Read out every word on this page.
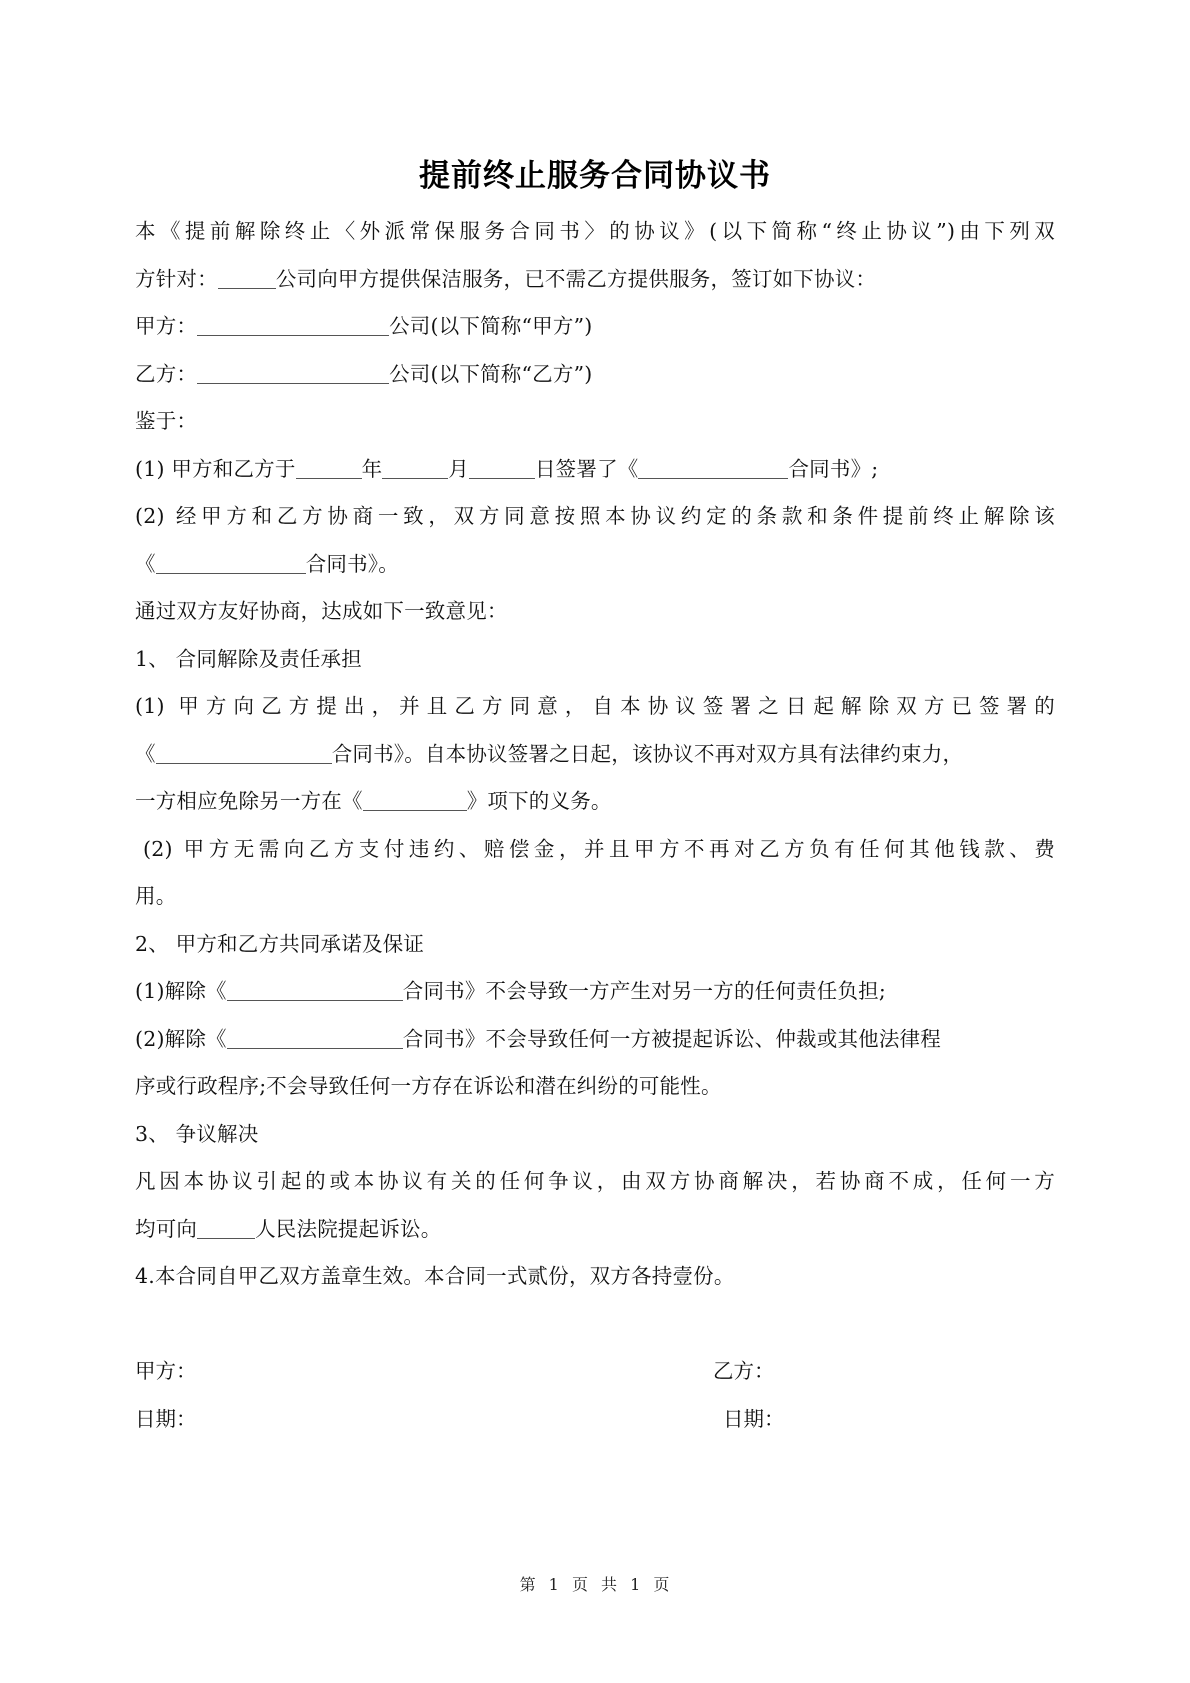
提前终止服务合同协议书
本《提前解除终止〈外派常保服务合同书〉的协议》(以下简称“终止协议”)由下列双
方针对：	公司向甲方提供保洁服务，已不需乙方提供服务，签订如下协议：
甲方：	公司(以下简称“甲方”)
乙方：	公司(以下简称“乙方”)
鉴于：
(1) 甲方和乙方于	年	月	日签署了《	合同书》;
(2) 经甲方和乙方协商一致，双方同意按照本协议约定的条款和条件提前终止解除该
《	合同书》。
通过双方友好协商，达成如下一致意见：
1、 合同解除及责任承担
(1) 甲方向乙方提出，并且乙方同意，自本协议签署之日起解除双方已签署的
《	合同书》。自本协议签署之日起，该协议不再对双方具有法律约束力，
一方相应免除另一方在《	》项下的义务。
(2) 甲方无需向乙方支付违约、赔偿金，并且甲方不再对乙方负有任何其他钱款、费
用。
2、 甲方和乙方共同承诺及保证
(1)解除《	合同书》不会导致一方产生对另一方的任何责任负担;
(2)解除《	合同书》不会导致任何一方被提起诉讼、仲裁或其他法律程
序或行政程序;不会导致任何一方存在诉讼和潜在纠纷的可能性。
3、 争议解决
凡因本协议引起的或本协议有关的任何争议，由双方协商解决，若协商不成，任何一方
均可向	人民法院提起诉讼。
4.本合同自甲乙双方盖章生效。本合同一式贰份，双方各持壹份。
甲方：	乙方：
日期：	日期：
第 1 页 共 1 页
